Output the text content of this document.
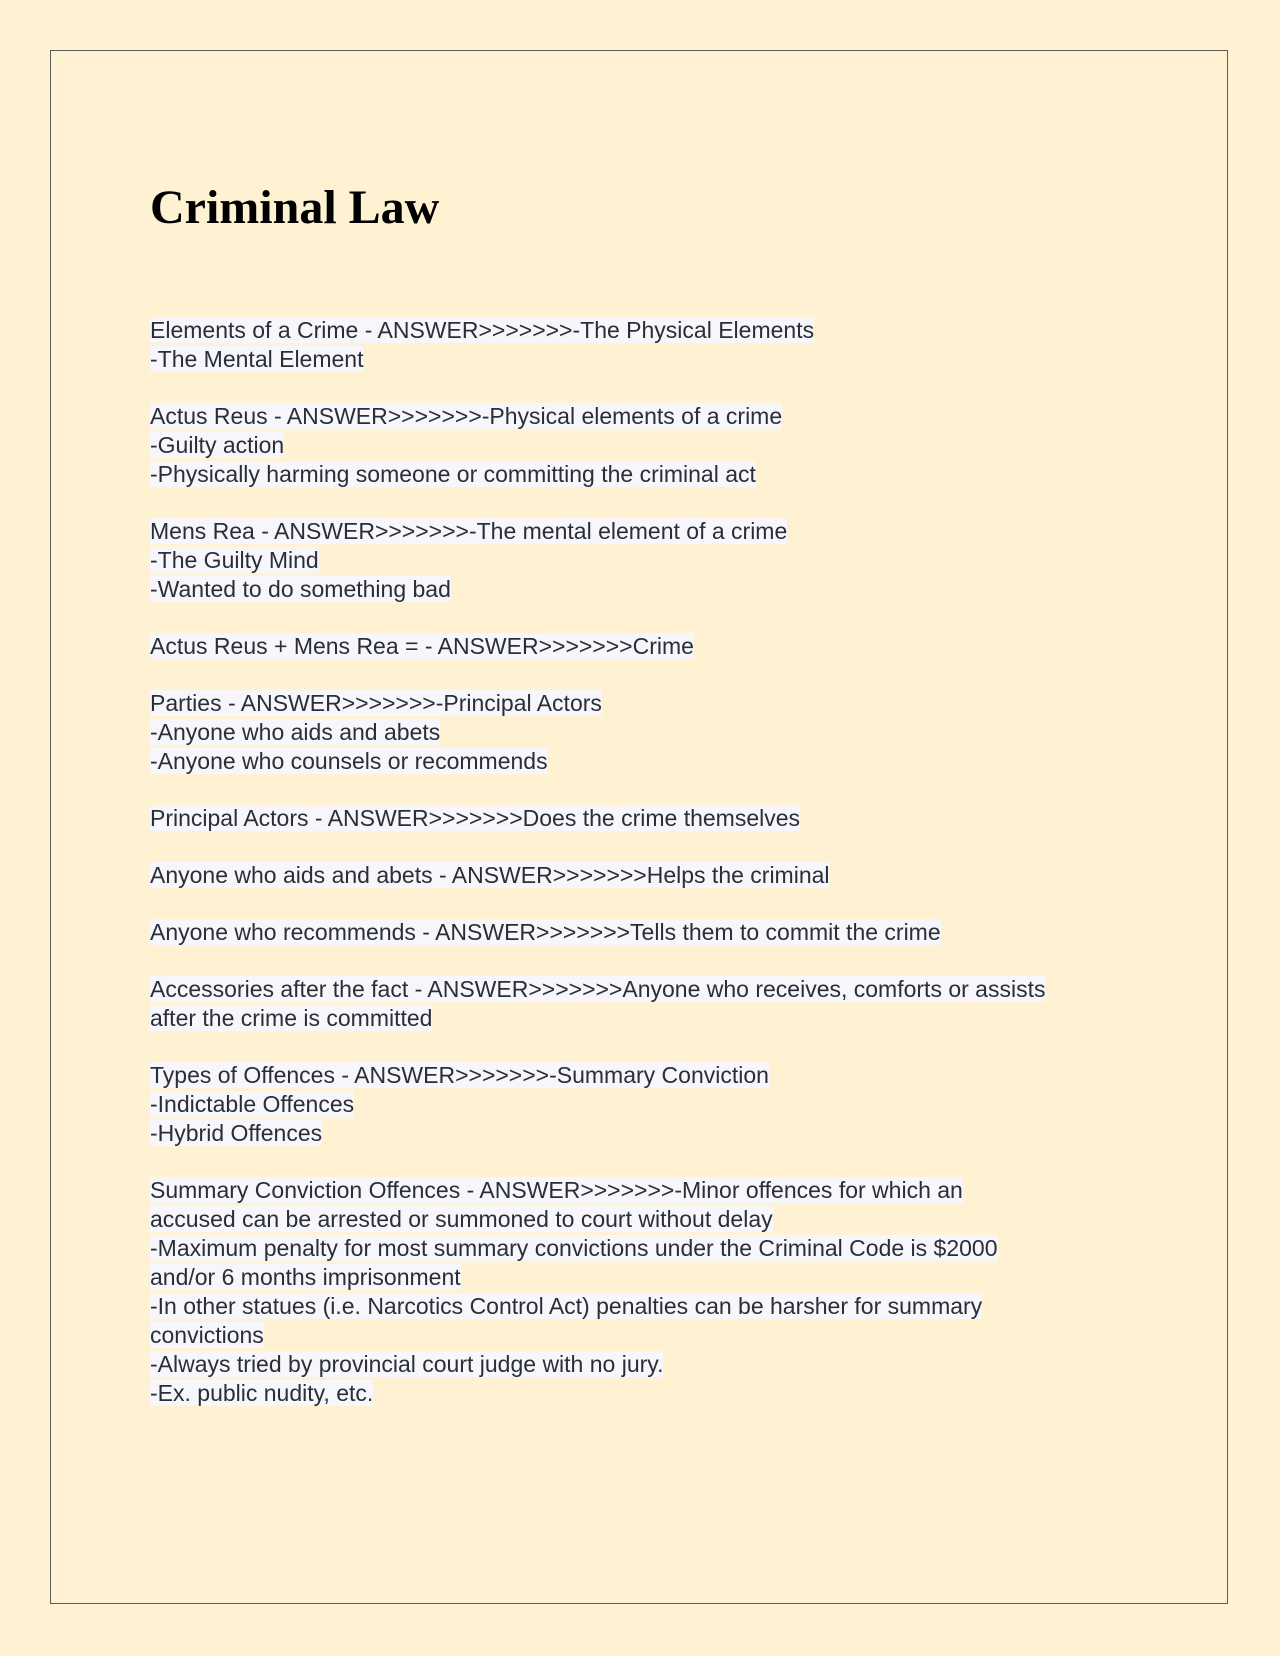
Criminal Law
Elements of a Crime - ANSWER>>>>>>>-The Physical Elements
-The Mental Element
Actus Reus - ANSWER>>>>>>>-Physical elements of a crime
-Guilty action
-Physically harming someone or committing the criminal act
Mens Rea - ANSWER>>>>>>>-The mental element of a crime
-The Guilty Mind
-Wanted to do something bad
Actus Reus + Mens Rea = - ANSWER>>>>>>>Crime
Parties - ANSWER>>>>>>>-Principal Actors
-Anyone who aids and abets
-Anyone who counsels or recommends
Principal Actors - ANSWER>>>>>>>Does the crime themselves
Anyone who aids and abets - ANSWER>>>>>>>Helps the criminal
Anyone who recommends - ANSWER>>>>>>>Tells them to commit the crime
Accessories after the fact - ANSWER>>>>>>>Anyone who receives, comforts or assists
after the crime is committed
Types of Offences - ANSWER>>>>>>>-Summary Conviction
-Indictable Offences
-Hybrid Offences
Summary Conviction Offences - ANSWER>>>>>>>-Minor offences for which an
accused can be arrested or summoned to court without delay
-Maximum penalty for most summary convictions under the Criminal Code is $2000
and/or 6 months imprisonment
-In other statues (i.e. Narcotics Control Act) penalties can be harsher for summary
convictions
-Always tried by provincial court judge with no jury.
-Ex. public nudity, etc.
